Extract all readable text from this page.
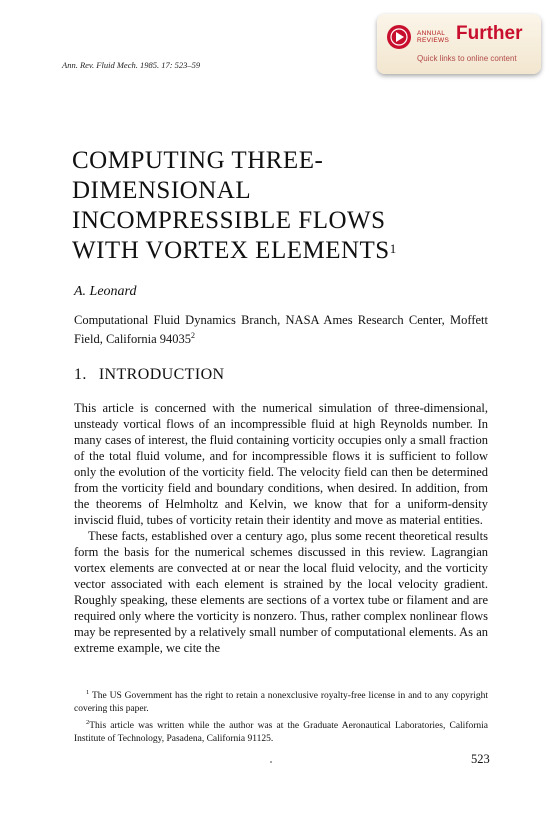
Ann. Rev. Fluid Mech. 1985. 17: 523–59
ANNUAL
REVIEWS Further
Quick links to online content
COMPUTING THREE-
DIMENSIONAL
INCOMPRESSIBLE FLOWS
WITH VORTEX ELEMENTS$^1$
A. Leonard
Computational Fluid Dynamics Branch, NASA Ames Research Center, Moffett Field, California 94035$^2$
1. INTRODUCTION

This article is concerned with the numerical simulation of three-dimensional, unsteady vortical flows of an incompressible fluid at high Reynolds number. In many cases of interest, the fluid containing vorticity occupies only a small fraction of the total fluid volume, and for incompressible flows it is sufficient to follow only the evolution of the vorticity field. The velocity field can then be determined from the vorticity field and boundary conditions, when desired. In addition, from the theorems of Helmholtz and Kelvin, we know that for a uniform-density inviscid fluid, tubes of vorticity retain their identity and move as material entities.

These facts, established over a century ago, plus some recent theoretical results form the basis for the numerical schemes discussed in this review. Lagrangian vortex elements are convected at or near the local fluid velocity, and the vorticity vector associated with each element is strained by the local velocity gradient. Roughly speaking, these elements are sections of a vortex tube or filament and are required only where the vorticity is nonzero. Thus, rather complex nonlinear flows may be represented by a relatively small number of computational elements. As an extreme example, we cite the

$^1$ The US Government has the right to retain a nonexclusive royalty-free license in and to any copyright covering this paper.

$^2$This article was written while the author was at the Graduate Aeronautical Laboratories, California Institute of Technology, Pasadena, California 91125.

523
